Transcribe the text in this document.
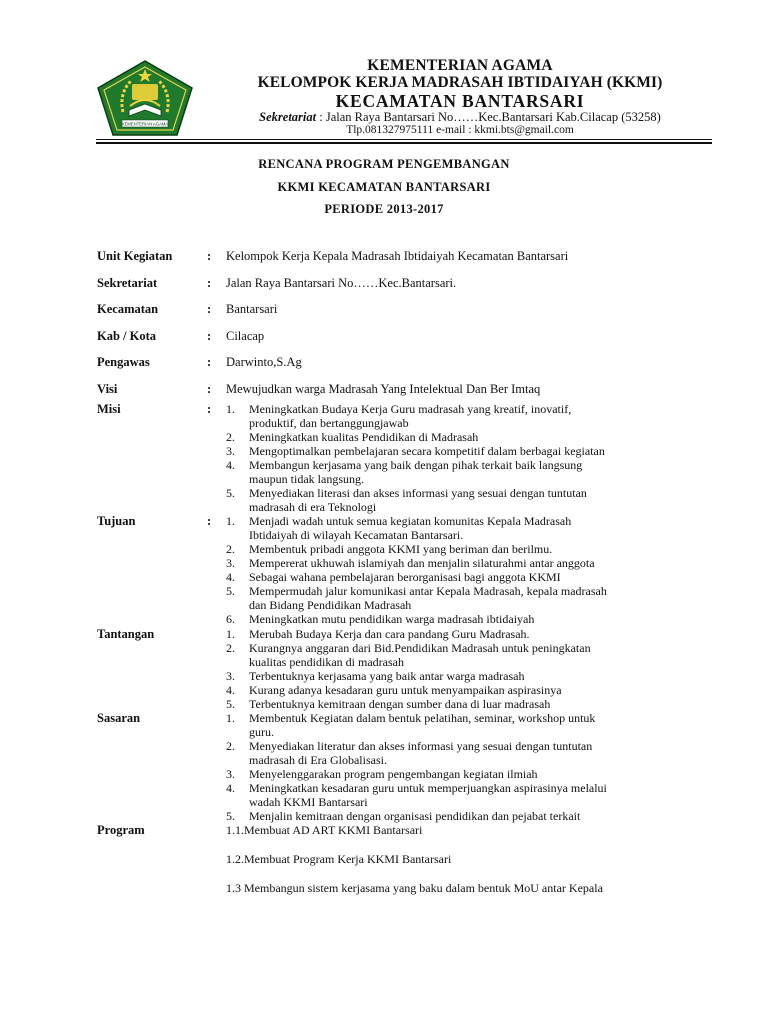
KEMENTERIAN AGAMA
KEMENTERIAN AGAMA
KELOMPOK KERJA MADRASAH IBTIDAIYAH (KKMI)
KECAMATAN BANTARSARI
Sekretariat : Jalan Raya Bantarsari No……Kec.Bantarsari Kab.Cilacap (53258)
Tlp.081327975111 e-mail : kkmi.bts@gmail.com
RENCANA PROGRAM PENGEMBANGAN
KKMI KECAMATAN BANTARSARI
PERIODE 2013-2017
Unit Kegiatan	: Kelompok Kerja Kepala Madrasah Ibtidaiyah Kecamatan Bantarsari
Sekretariat	: Jalan Raya Bantarsari No……Kec.Bantarsari.
Kecamatan	: Bantarsari
Kab / Kota	: Cilacap
Pengawas	: Darwinto,S.Ag
Visi	: Mewujudkan warga Madrasah Yang Intelektual Dan Ber Imtaq
Misi	: 1. Meningkatkan Budaya Kerja Guru madrasah yang kreatif, inovatif,
produktif, dan bertanggungjawab
2. Meningkatkan kualitas Pendidikan di Madrasah
3. Mengoptimalkan pembelajaran secara kompetitif dalam berbagai kegiatan
4. Membangun kerjasama yang baik dengan pihak terkait baik langsung
maupun tidak langsung.
5. Menyediakan literasi dan akses informasi yang sesuai dengan tuntutan
madrasah di era Teknologi
Tujuan	: 1. Menjadi wadah untuk semua kegiatan komunitas Kepala Madrasah
Ibtidaiyah di wilayah Kecamatan Bantarsari.
2. Membentuk pribadi anggota KKMI yang beriman dan berilmu.
3. Mempererat ukhuwah islamiyah dan menjalin silaturahmi antar anggota
4. Sebagai wahana pembelajaran berorganisasi bagi anggota KKMI
5. Mempermudah jalur komunikasi antar Kepala Madrasah, kepala madrasah
dan Bidang Pendidikan Madrasah
6. Meningkatkan mutu pendidikan warga madrasah ibtidaiyah
Tantangan	1. Merubah Budaya Kerja dan cara pandang Guru Madrasah.
2. Kurangnya anggaran dari Bid.Pendidikan Madrasah untuk peningkatan
kualitas pendidikan di madrasah
3. Terbentuknya kerjasama yang baik antar warga madrasah
4. Kurang adanya kesadaran guru untuk menyampaikan aspirasinya
5. Terbentuknya kemitraan dengan sumber dana di luar madrasah
Sasaran	1. Membentuk Kegiatan dalam bentuk pelatihan, seminar, workshop untuk
guru.
2. Menyediakan literatur dan akses informasi yang sesuai dengan tuntutan
madrasah di Era Globalisasi.
3. Menyelenggarakan program pengembangan kegiatan ilmiah
4. Meningkatkan kesadaran guru untuk memperjuangkan aspirasinya melalui
wadah KKMI Bantarsari
5. Menjalin kemitraan dengan organisasi pendidikan dan pejabat terkait
Program	1.1.Membuat AD ART KKMI Bantarsari
1.2.Membuat Program Kerja KKMI Bantarsari
1.3 Membangun sistem kerjasama yang baku dalam bentuk MoU antar Kepala
